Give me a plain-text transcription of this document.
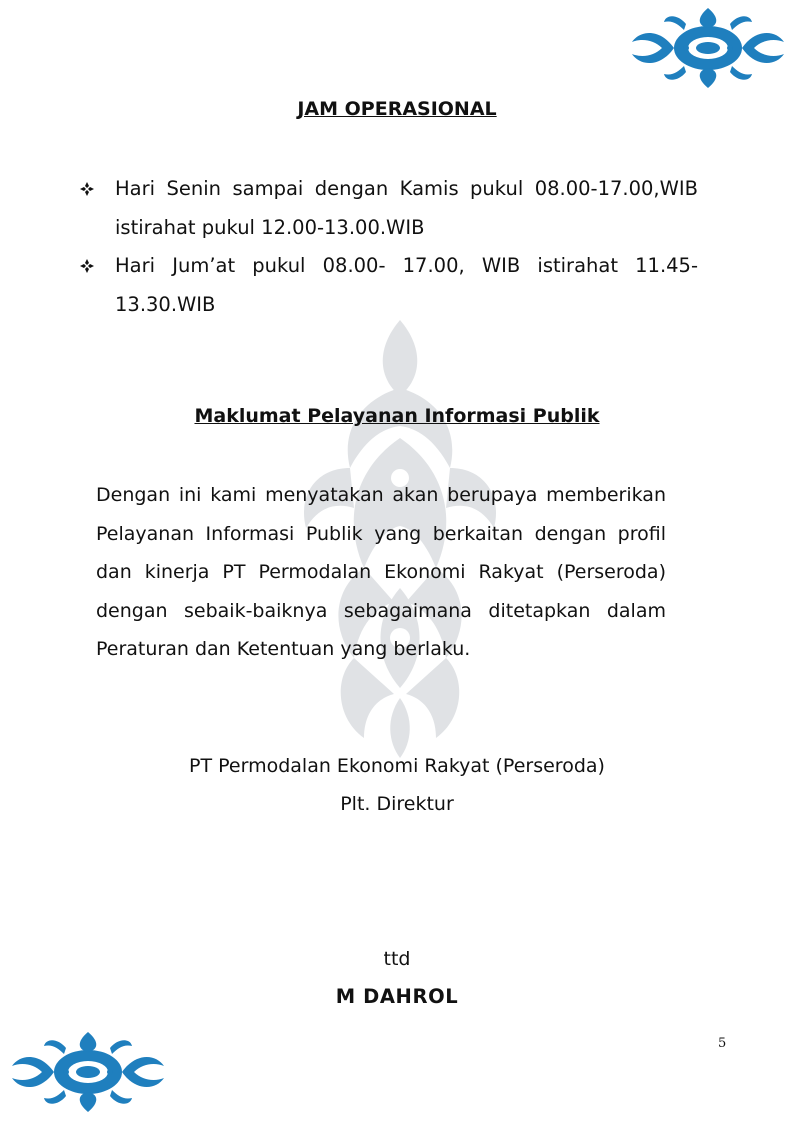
JAM OPERASIONAL
Hari Senin sampai dengan Kamis pukul 08.00-17.00,WIB istirahat pukul 12.00-13.00.WIB
Hari Jum’at pukul 08.00- 17.00, WIB istirahat 11.45-13.30.WIB
Maklumat Pelayanan Informasi Publik

Dengan ini kami menyatakan akan berupaya memberikan Pelayanan Informasi Publik yang berkaitan dengan profil dan kinerja PT Permodalan Ekonomi Rakyat (Perseroda) dengan sebaik-baiknya sebagaimana ditetapkan dalam Peraturan dan Ketentuan yang berlaku.

PT Permodalan Ekonomi Rakyat (Perseroda)
Plt. Direktur
ttd
M DAHROL
5
